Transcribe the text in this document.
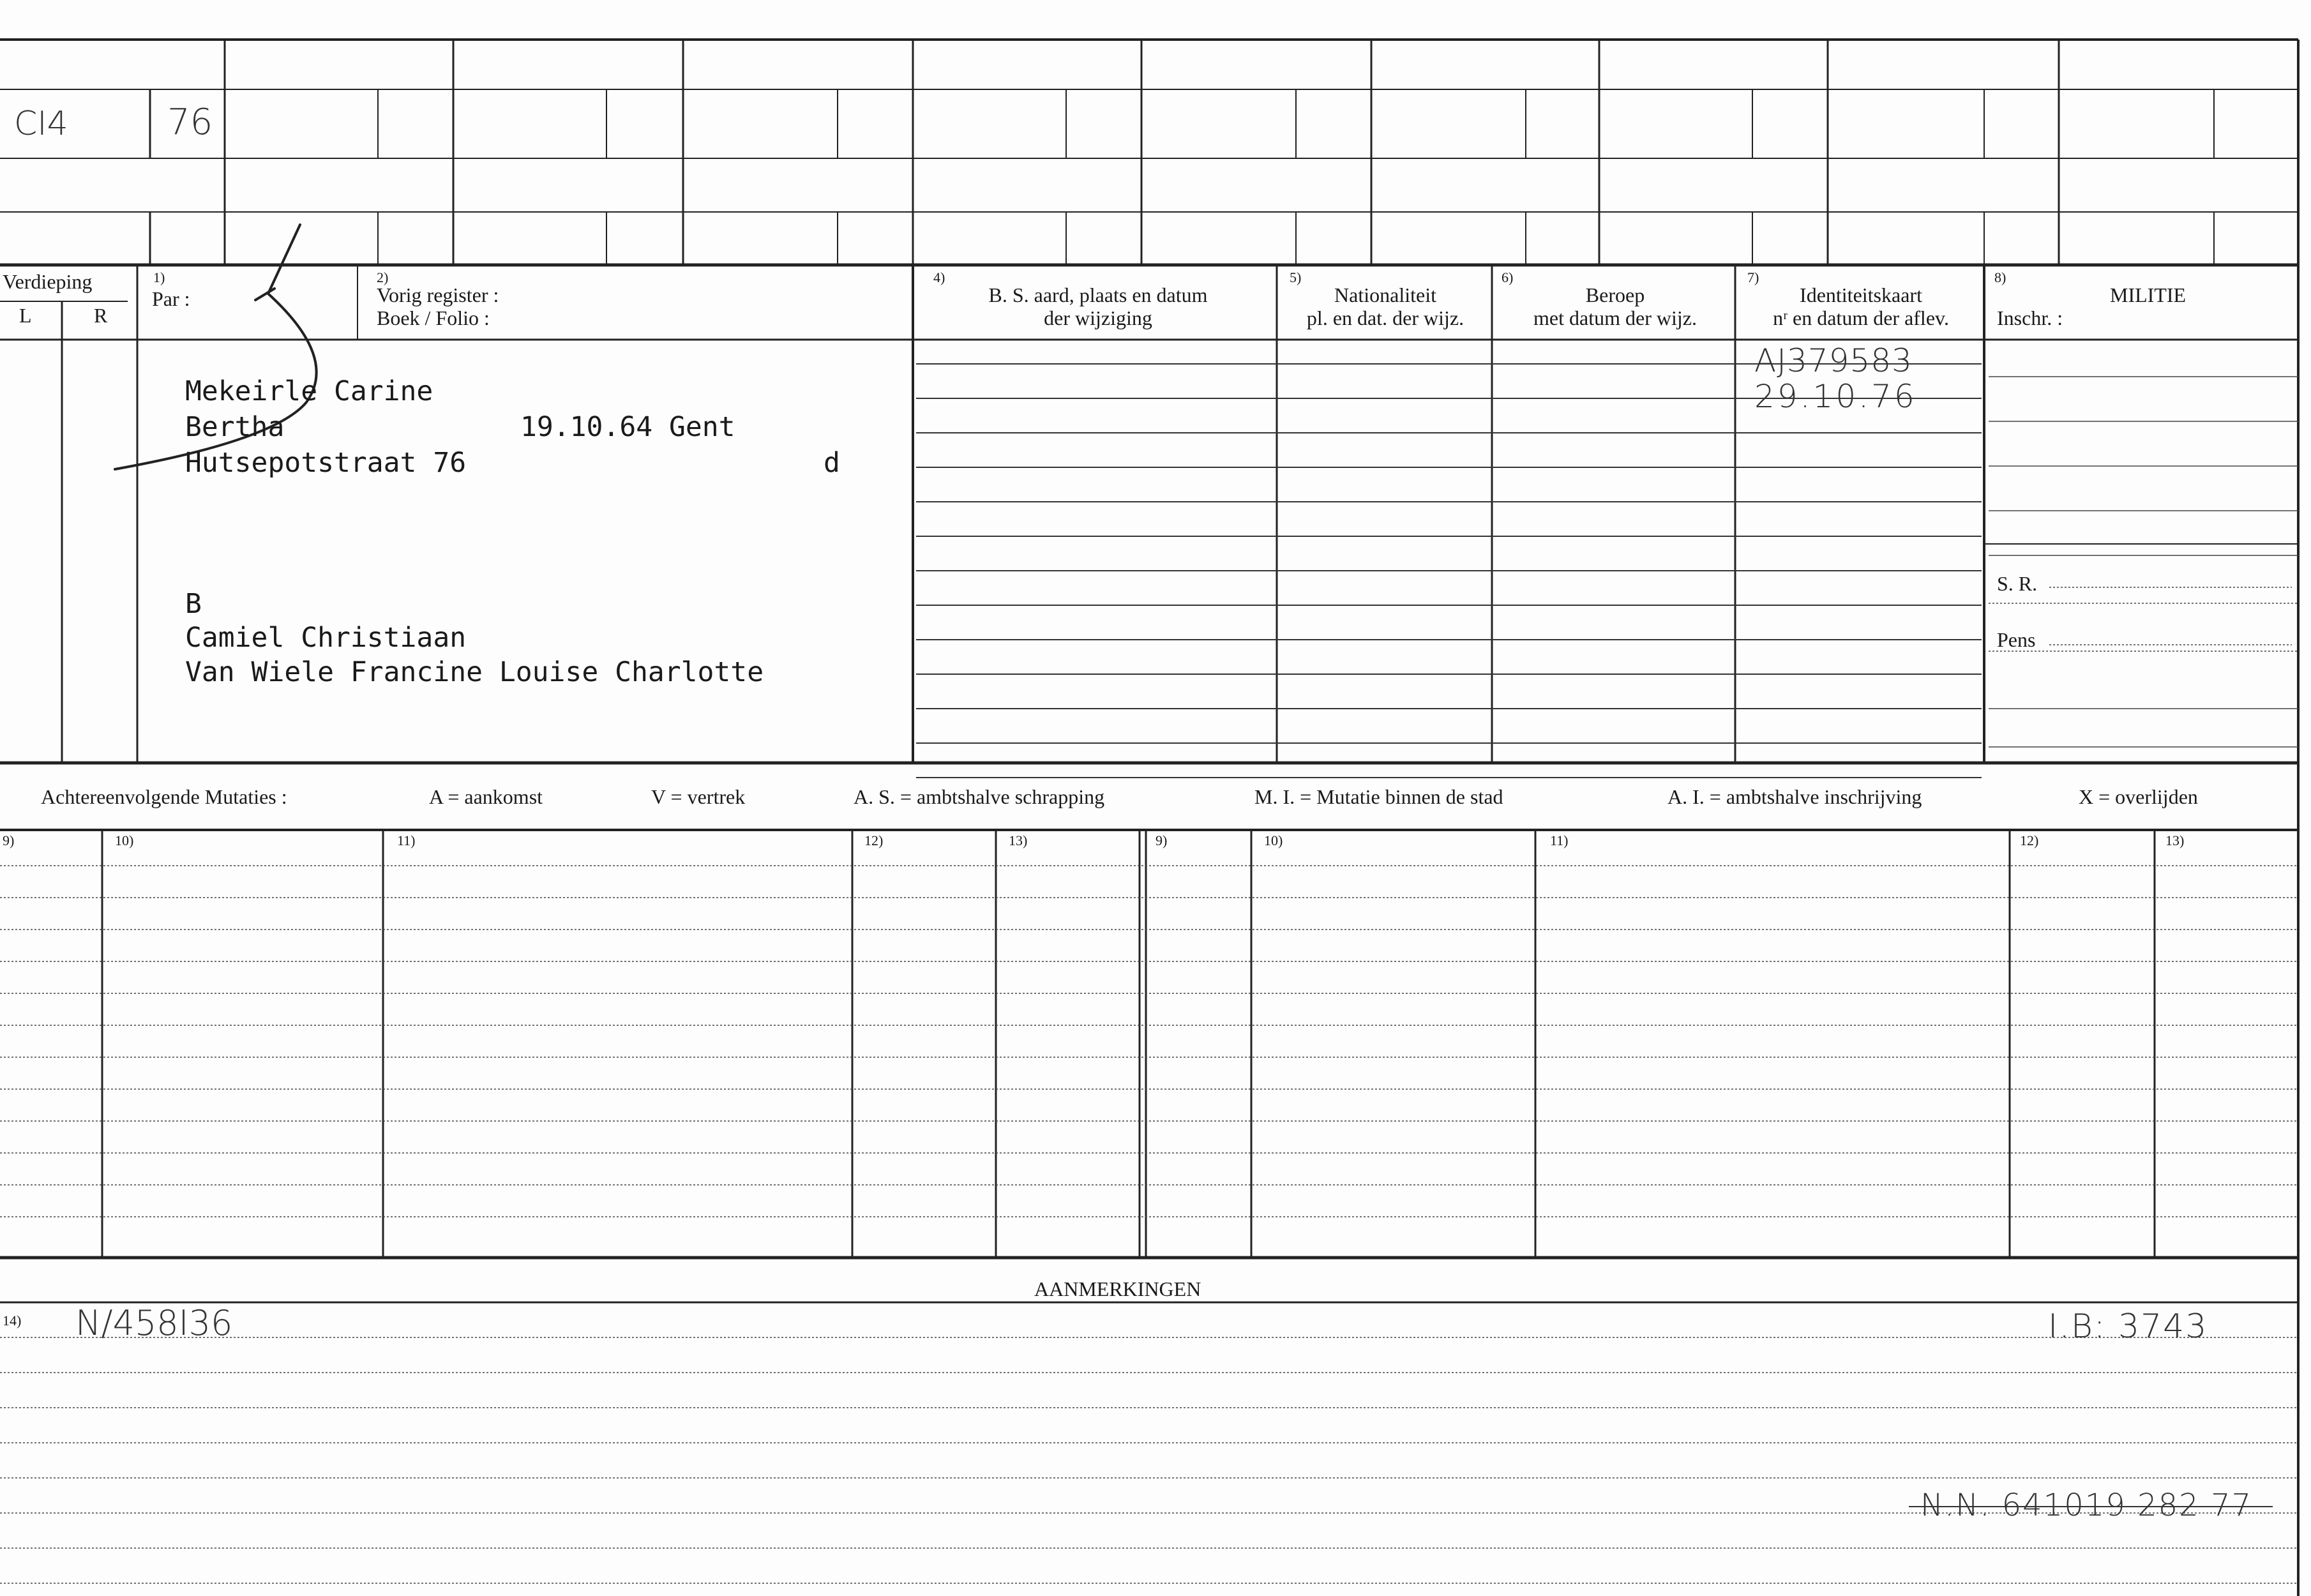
CI4	76
Verdieping
L	R
1)
Par :
2)
Vorig register :
Boek / Folio :
4)
B. S. aard, plaats en datum
der wijziging
5)
Nationaliteit
pl. en dat. der wijz.
6)
Beroep
met datum der wijz.
7)
Identiteitskaart
nʳ en datum der aflev.
8)
MILITIE
Inschr. :
S. R.
Pens
Mekeirle Carine
Bertha	19.10.64 Gent
Hutsepotstraat 76	d
B
Camiel Christiaan
Van Wiele Francine Louise Charlotte
AJ379583
29.10.76
Achtereenvolgende Mutaties :	A = aankomst	V = vertrek	A. S. = ambtshalve schrapping	M. I. = Mutatie binnen de stad	A. I. = ambtshalve inschrijving	X = overlijden
9)	10)	11)	12)	13)	9)	10)	11)	12)	13)
AANMERKINGEN
14) N/458I36	I.B: 3743
N.N. 641019 282 77
